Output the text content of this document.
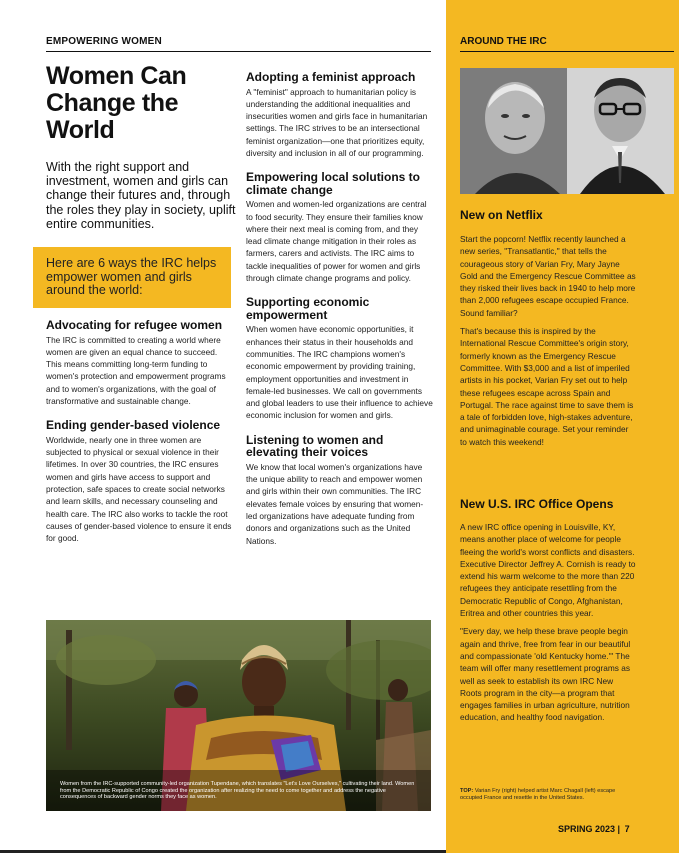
EMPOWERING WOMEN
Women Can Change the World

With the right support and investment, women and girls can change their futures and, through the roles they play in society, uplift entire communities.

Here are 6 ways the IRC helps empower women and girls around the world:
Advocating for refugee women

The IRC is committed to creating a world where women are given an equal chance to succeed. This means committing long-term funding to women's protection and empowerment programs and to women's organizations, with the goal of transformative and sustainable change.

Ending gender-based violence

Worldwide, nearly one in three women are subjected to physical or sexual violence in their lifetimes. In over 30 countries, the IRC ensures women and girls have access to support and protection, safe spaces to create social networks and learn skills, and necessary counseling and health care. The IRC also works to tackle the root causes of gender-based violence to ensure it ends for good.

Adopting a feminist approach

A "feminist" approach to humanitarian policy is understanding the additional inequalities and insecurities women and girls face in humanitarian settings. The IRC strives to be an intersectional feminist organization—one that prioritizes equity, diversity and inclusion in all of our programming.

Empowering local solutions to climate change

Women and women-led organizations are central to food security. They ensure their families know where their next meal is coming from, and they lead climate change mitigation in their roles as farmers, carers and activists. The IRC aims to tackle inequalities of power for women and girls through climate change programs and policy.

Supporting economic empowerment

When women have economic opportunities, it enhances their status in their households and communities. The IRC champions women's economic empowerment by providing training, employment opportunities and investment in female-led businesses. We call on governments and global leaders to use their influence to achieve economic inclusion for women and girls.

Listening to women and elevating their voices

We know that local women's organizations have the unique ability to reach and empower women and girls within their own communities. The IRC elevates female voices by ensuring that women-led organizations have adequate funding from donors and organizations such as the United Nations.

Women from the IRC-supported community-led organization Tupendane, which translates "Let's Love Ourselves," cultivating their land. Women from the Democratic Republic of Congo created the organization after realizing the need to come together and address the negative consequences of backward gender norms they face as women.

AROUND THE IRC
New on Netflix

Start the popcorn! Netflix recently launched a new series, "Transatlantic," that tells the courageous story of Varian Fry, Mary Jayne Gold and the Emergency Rescue Committee as they risked their lives back in 1940 to help more than 2,000 refugees escape occupied France. Sound familiar?

That's because this is inspired by the International Rescue Committee's origin story, formerly known as the Emergency Rescue Committee. With $3,000 and a list of imperiled artists in his pocket, Varian Fry set out to help these refugees escape across Spain and Portugal. The race against time to save them is a tale of forbidden love, high-stakes adventure, and unimaginable courage. Set your reminder to watch this weekend!

New U.S. IRC Office Opens

A new IRC office opening in Louisville, KY, means another place of welcome for people fleeing the world's worst conflicts and disasters. Executive Director Jeffrey A. Cornish is ready to extend his warm welcome to the more than 220 refugees they anticipate resettling from the Democratic Republic of Congo, Afghanistan, Eritrea and other countries this year.

"Every day, we help these brave people begin again and thrive, free from fear in our beautiful and compassionate 'old Kentucky home.'" The team will offer many resettlement programs as well as seek to establish its own IRC New Roots program in the city—a program that engages families in urban agriculture, nutrition education, and healthy food navigation.

TOP: Varian Fry (right) helped artist Marc Chagall (left) escape occupied France and resettle in the United States.

SPRING 2023 | 7
